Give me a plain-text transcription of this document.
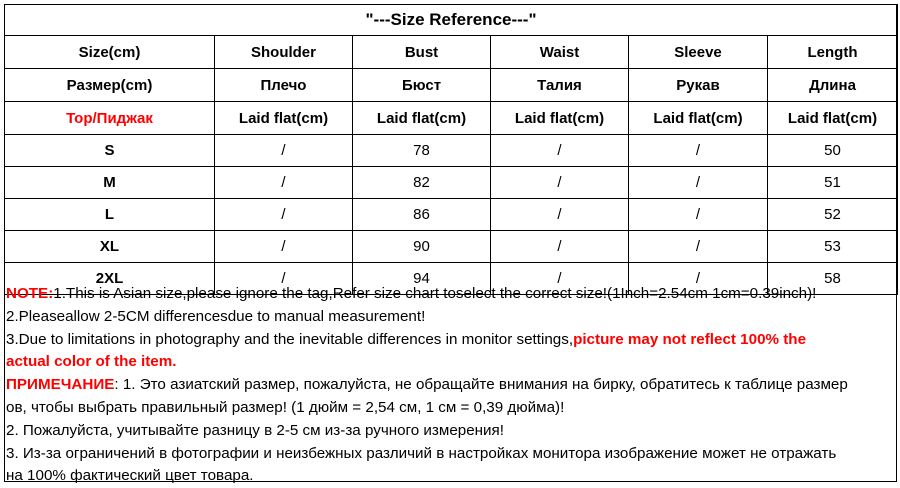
"---Size Reference---"					
Size(cm)	Shoulder	Bust	Waist	Sleeve	Length
Размер(cm)	Плечо	Бюст	Талия	Рукав	Длина
Top/Пиджак	Laid flat(cm)	Laid flat(cm)	Laid flat(cm)	Laid flat(cm)	Laid flat(cm)
S	/	78	/	/	50
M	/	82	/	/	51
L	/	86	/	/	52
XL	/	90	/	/	53
2XL	/	94	/	/	58

NOTE:1.This is Asian size,please ignore the tag,Refer size chart toselect the correct size!(1Inch=2.54cm 1cm=0.39inch)!

2.Pleaseallow 2-5CM differencesdue to manual measurement!

3.Due to limitations in photography and the inevitable differences in monitor settings,picture may not reflect 100% the

actual color of the item.

ПРИМЕЧАНИЕ: 1. Это азиатский размер, пожалуйста, не обращайте внимания на бирку, обратитесь к таблице размер

ов, чтобы выбрать правильный размер! (1 дюйм = 2,54 см, 1 см = 0,39 дюйма)!

2. Пожалуйста, учитывайте разницу в 2-5 см из-за ручного измерения!

3. Из-за ограничений в фотографии и неизбежных различий в настройках монитора изображение может не отражать

на 100% фактический цвет товара.
